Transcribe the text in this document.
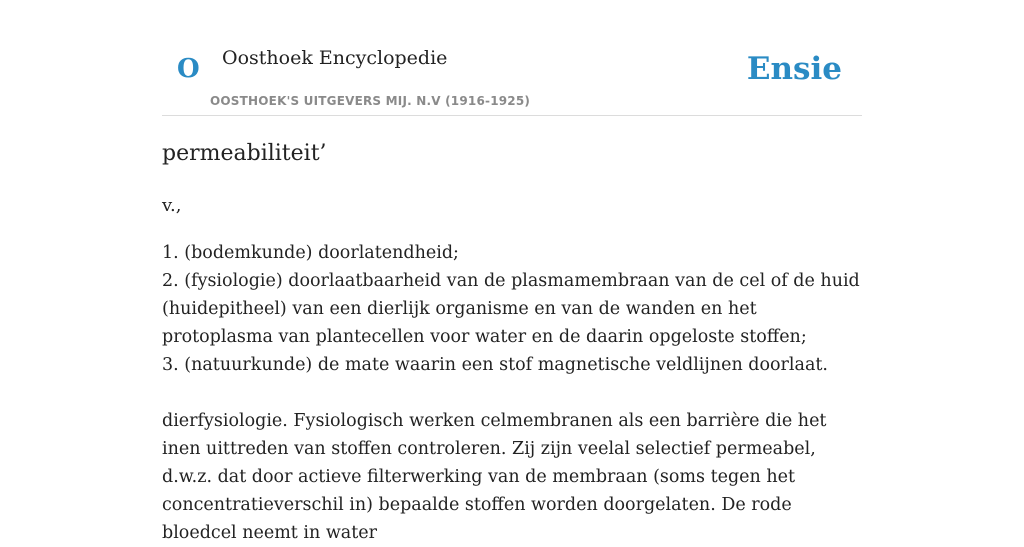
O Oosthoek Encyclopedie
OOSTHOEK'S UITGEVERS MIJ. N.V (1916-1925)
Ensie
permeabiliteit’
v.,
1. (bodemkunde) doorlatendheid;
2. (fysiologie) doorlaatbaarheid van de plasmamembraan van de cel of de huid (huidepitheel) van een dierlijk organisme en van de wanden en het protoplasma van plantecellen voor water en de daarin opgeloste stoffen;
3. (natuurkunde) de mate waarin een stof magnetische veldlijnen doorlaat.

dierfysiologie. Fysiologisch werken celmembranen als een barrière die het inen uittreden van stoffen controleren. Zij zijn veelal selectief permeabel, d.w.z. dat door actieve filterwerking van de membraan (soms tegen het concentratieverschil in) bepaalde stoffen worden doorgelaten. De rode bloedcel neemt in water
